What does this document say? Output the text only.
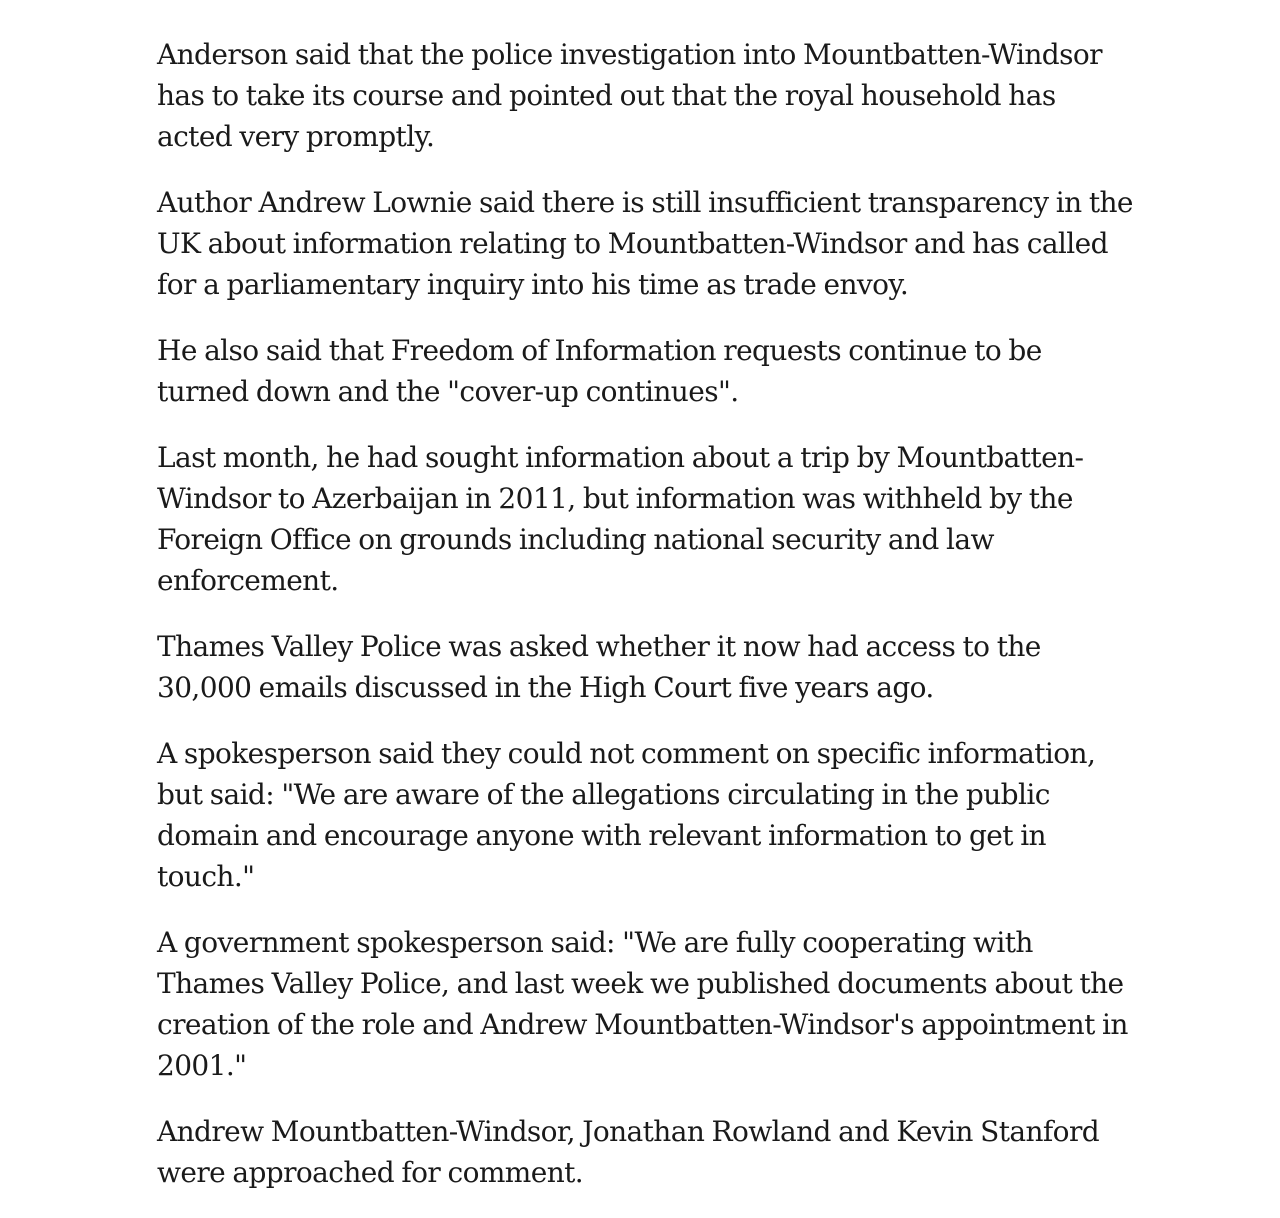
Anderson said that the police investigation into Mountbatten-Windsor has to take its course and pointed out that the royal household has acted very promptly.

Author Andrew Lownie said there is still insufficient transparency in the UK about information relating to Mountbatten-Windsor and has called for a parliamentary inquiry into his time as trade envoy.

He also said that Freedom of Information requests continue to be turned down and the "cover-up continues".

Last month, he had sought information about a trip by Mountbatten-Windsor to Azerbaijan in 2011, but information was withheld by the Foreign Office on grounds including national security and law enforcement.

Thames Valley Police was asked whether it now had access to the 30,000 emails discussed in the High Court five years ago.

A spokesperson said they could not comment on specific information, but said: "We are aware of the allegations circulating in the public domain and encourage anyone with relevant information to get in touch."

A government spokesperson said: "We are fully cooperating with Thames Valley Police, and last week we published documents about the creation of the role and Andrew Mountbatten-Windsor's appointment in 2001."

Andrew Mountbatten-Windsor, Jonathan Rowland and Kevin Stanford were approached for comment.
